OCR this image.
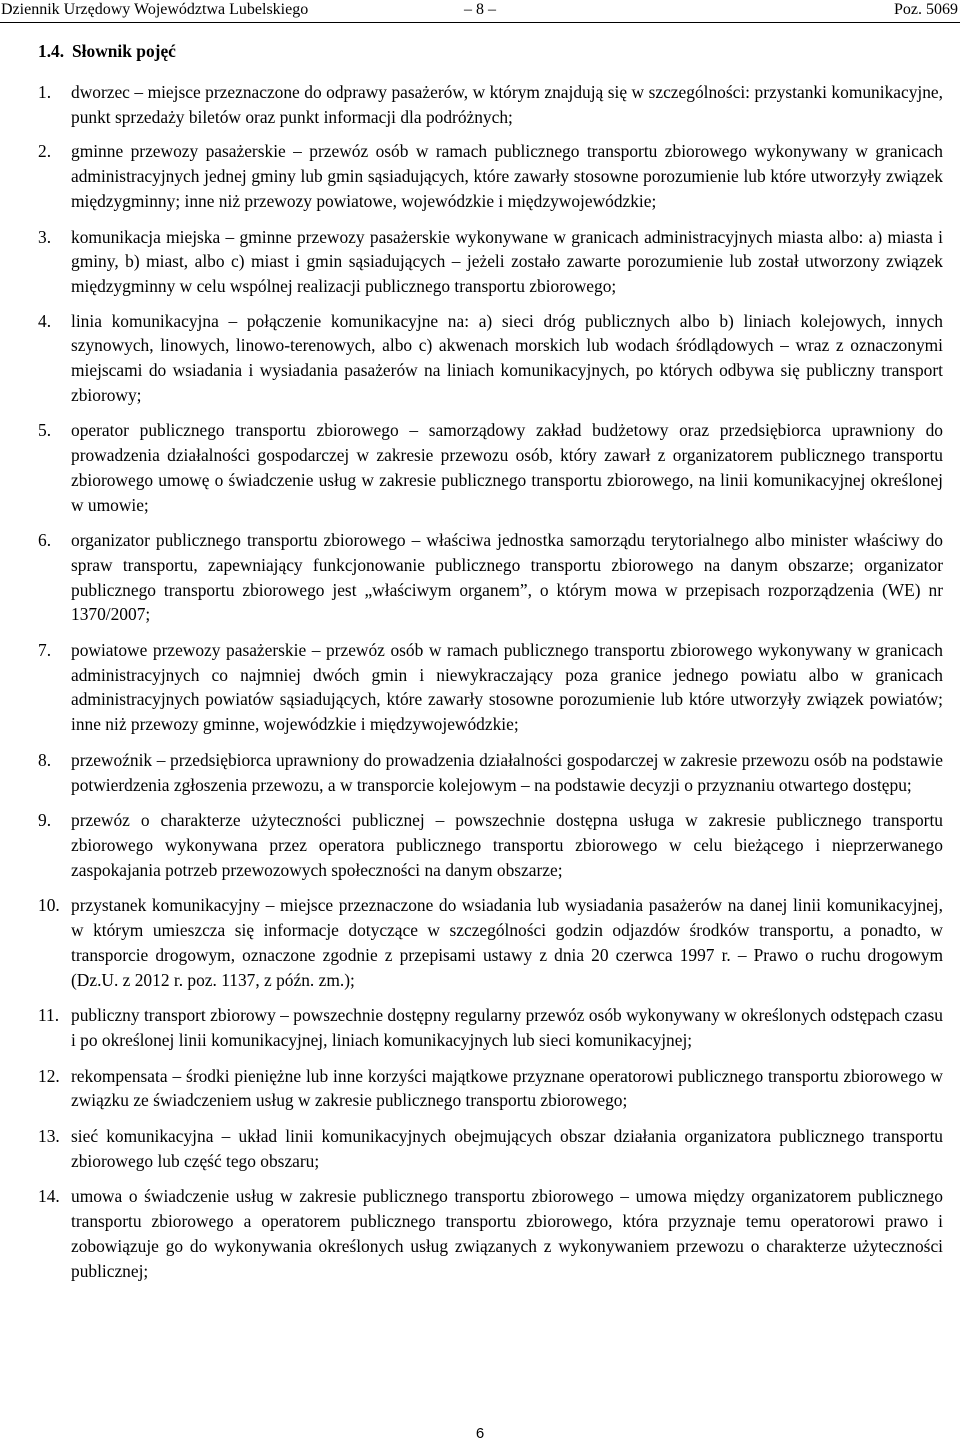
Dziennik Urzędowy Województwa Lubelskiego	– 8 –	Poz. 5069
1.4. Słownik pojęć
1. dworzec – miejsce przeznaczone do odprawy pasażerów, w którym znajdują się w szczególności: przystanki komunikacyjne, punkt sprzedaży biletów oraz punkt informacji dla podróżnych;
2. gminne przewozy pasażerskie – przewóz osób w ramach publicznego transportu zbiorowego wykonywany w granicach administracyjnych jednej gminy lub gmin sąsiadujących, które zawarły stosowne porozumienie lub które utworzyły związek międzygminny; inne niż przewozy powiatowe, wojewódzkie i międzywojewódzkie;
3. komunikacja miejska – gminne przewozy pasażerskie wykonywane w granicach administracyjnych miasta albo: a) miasta i gminy, b) miast, albo c) miast i gmin sąsiadujących – jeżeli zostało zawarte porozumienie lub został utworzony związek międzygminny w celu wspólnej realizacji publicznego transportu zbiorowego;
4. linia komunikacyjna – połączenie komunikacyjne na: a) sieci dróg publicznych albo b) liniach kolejowych, innych szynowych, linowych, linowo-terenowych, albo c) akwenach morskich lub wodach śródlądowych – wraz z oznaczonymi miejscami do wsiadania i wysiadania pasażerów na liniach komunikacyjnych, po których odbywa się publiczny transport zbiorowy;
5. operator publicznego transportu zbiorowego – samorządowy zakład budżetowy oraz przedsiębiorca uprawniony do prowadzenia działalności gospodarczej w zakresie przewozu osób, który zawarł z organizatorem publicznego transportu zbiorowego umowę o świadczenie usług w zakresie publicznego transportu zbiorowego, na linii komunikacyjnej określonej w umowie;
6. organizator publicznego transportu zbiorowego – właściwa jednostka samorządu terytorialnego albo minister właściwy do spraw transportu, zapewniający funkcjonowanie publicznego transportu zbiorowego na danym obszarze; organizator publicznego transportu zbiorowego jest „właściwym organem”, o którym mowa w przepisach rozporządzenia (WE) nr 1370/2007;
7. powiatowe przewozy pasażerskie – przewóz osób w ramach publicznego transportu zbiorowego wykonywany w granicach administracyjnych co najmniej dwóch gmin i niewykraczający poza granice jednego powiatu albo w granicach administracyjnych powiatów sąsiadujących, które zawarły stosowne porozumienie lub które utworzyły związek powiatów; inne niż przewozy gminne, wojewódzkie i międzywojewódzkie;
8. przewoźnik – przedsiębiorca uprawniony do prowadzenia działalności gospodarczej w zakresie przewozu osób na podstawie potwierdzenia zgłoszenia przewozu, a w transporcie kolejowym – na podstawie decyzji o przyznaniu otwartego dostępu;
9. przewóz o charakterze użyteczności publicznej – powszechnie dostępna usługa w zakresie publicznego transportu zbiorowego wykonywana przez operatora publicznego transportu zbiorowego w celu bieżącego i nieprzerwanego zaspokajania potrzeb przewozowych społeczności na danym obszarze;
10. przystanek komunikacyjny – miejsce przeznaczone do wsiadania lub wysiadania pasażerów na danej linii komunikacyjnej, w którym umieszcza się informacje dotyczące w szczególności godzin odjazdów środków transportu, a ponadto, w transporcie drogowym, oznaczone zgodnie z przepisami ustawy z dnia 20 czerwca 1997 r. – Prawo o ruchu drogowym (Dz.U. z 2012 r. poz. 1137, z późn. zm.);
11. publiczny transport zbiorowy – powszechnie dostępny regularny przewóz osób wykonywany w określonych odstępach czasu i po określonej linii komunikacyjnej, liniach komunikacyjnych lub sieci komunikacyjnej;
12. rekompensata – środki pieniężne lub inne korzyści majątkowe przyznane operatorowi publicznego transportu zbiorowego w związku ze świadczeniem usług w zakresie publicznego transportu zbiorowego;
13. sieć komunikacyjna – układ linii komunikacyjnych obejmujących obszar działania organizatora publicznego transportu zbiorowego lub część tego obszaru;
14. umowa o świadczenie usług w zakresie publicznego transportu zbiorowego – umowa między organizatorem publicznego transportu zbiorowego a operatorem publicznego transportu zbiorowego, która przyznaje temu operatorowi prawo i zobowiązuje go do wykonywania określonych usług związanych z wykonywaniem przewozu o charakterze użyteczności publicznej;
6
